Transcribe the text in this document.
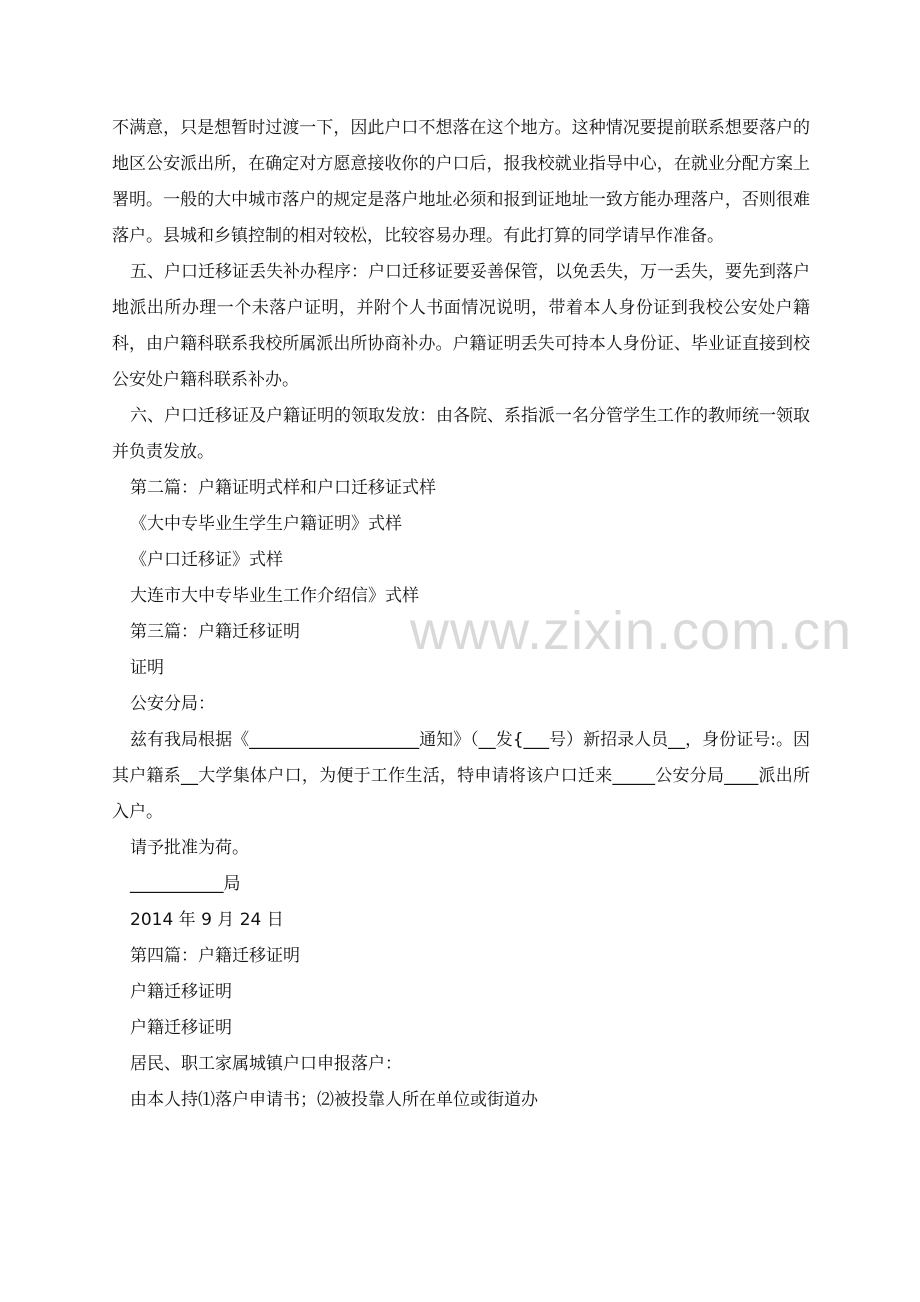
不满意，只是想暂时过渡一下，因此户口不想落在这个地方。这种情况要提前联系想要落户的地区公安派出所，在确定对方愿意接收你的户口后，报我校就业指导中心，在就业分配方案上署明。一般的大中城市落户的规定是落户地址必须和报到证地址一致方能办理落户，否则很难落户。县城和乡镇控制的相对较松，比较容易办理。有此打算的同学请早作准备。

五、户口迁移证丢失补办程序：户口迁移证要妥善保管，以免丢失，万一丢失，要先到落户地派出所办理一个未落户证明，并附个人书面情况说明，带着本人身份证到我校公安处户籍科，由户籍科联系我校所属派出所协商补办。户籍证明丢失可持本人身份证、毕业证直接到校公安处户籍科联系补办。

六、户口迁移证及户籍证明的领取发放：由各院、系指派一名分管学生工作的教师统一领取并负责发放。

第二篇：户籍证明式样和户口迁移证式样

《大中专毕业生学生户籍证明》式样

《户口迁移证》式样

大连市大中专毕业生工作介绍信》式样

第三篇：户籍迁移证明

证明

公安分局：

兹有我局根据《____________________通知》（__发{___号）新招录人员__，身份证号:。因其户籍系__大学集体户口，为便于工作生活，特申请将该户口迁来_____公安分局____派出所入户。

请予批准为荷。

___________局

2014 年 9 月 24 日

第四篇：户籍迁移证明

户籍迁移证明

户籍迁移证明

居民、职工家属城镇户口申报落户：

由本人持⑴落户申请书；⑵被投靠人所在单位或街道办

www.zixin.com.cn
